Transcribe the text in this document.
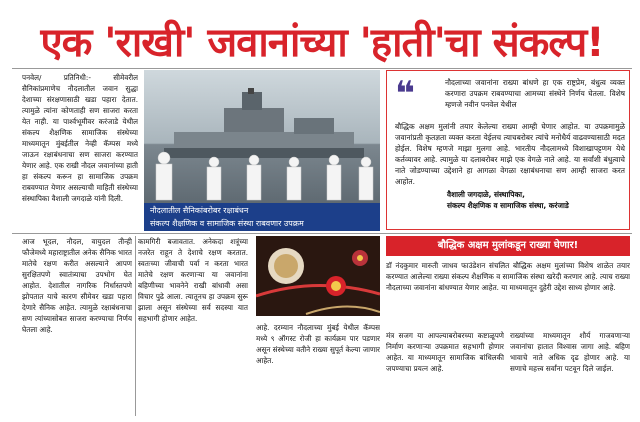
एक 'राखी' जवानांच्या 'हाती'चा संकल्प!
पनवेल/ प्रतिनिधी:- सीमेवरील सैनिकांप्रमाणेच नौदलातील जवान सुद्धा देशाच्या संरक्षणासाठी खडा पहारा देतात. त्यामुळे त्यांना कोणताही सण साजरा करता येत नाही. या पार्श्वभूमीवर करंजाडे येथील संकल्प शैक्षणिक सामाजिक संस्थेच्या माध्यमातून मुंबईतील नेव्ही कॅम्पस मध्ये जाऊन रक्षाबंधनाचा सण साजरा करण्यात येणार आहे. एक राखी नौदल जवानांच्या हाती हा संकल्प करून हा सामाजिक उपक्रम राबवण्यात येणार असल्याची माहिती संस्थेच्या संस्थापिका वैशाली जगदाळे यांनी दिली.
नौदलातील सैनिकांबरोबर रक्षाबंधन
संकल्प शैक्षणिक व सामाजिक संस्था राबवणार उपक्रम
❝	नौदलाच्या जवानांना राख्या बांधणे हा एक राष्ट्रप्रेम, बंधुत्व व्यक्त करणारा उपक्रम राबवण्याचा आमच्या संस्थेने निर्णय घेतला. विशेष म्हणजे नवीन पनवेल येथील
बौद्धिक अक्षम मुलांनी तयार केलेल्या राख्या आम्ही घेणार आहोत. या उपक्रमामुळे जवानांप्रती कृतज्ञता व्यक्त करता येईलच त्याचबरोबर त्यांचे मनोधैर्य वाढवण्यासाठी मदत होईल. विशेष म्हणजे माझा मुलगा आहे. भारतीय नौदलामध्ये विशाखापट्टणम येथे कर्तव्यावर आहे. त्यामुळे या दलाबरोबर माझे एक वेगळे नाते आहे. या सर्वांशी बंधुत्वाचे नाते जोडण्याच्या उद्देशाने हा आगळा वेगळा रक्षाबंधनाचा सण आम्ही साजरा करत आहोत.
वैशाली जगदाळे, संस्थापिका,
संकल्प शैक्षणिक व सामाजिक संस्था, करंजाडे
आज भूदल, नौदल, वायुदल तीन्ही फौजेमध्ये महाराष्ट्रातील अनेक सैनिक भारत मातेचे रक्षण करीत असल्याने आपण सुरक्षितपणे स्वातंत्र्याचा उपभोग घेत आहोत. देशातील नागरिक निर्धास्तपणे झोपतात याचे कारण सीमेवर खडा पहारा देणारे सैनिक आहेत. त्यामुळे रक्षाबंधनाचा सण त्यांच्यासोबत साजरा करण्याचा निर्णय घेतला आहे.
कामगिरी बजावतात. अनेकदा शत्रूंच्या नजरेत राहून ते देशाचे रक्षण करतात. स्वतःच्या जीवाची पर्वा न करता भारत मातेचे रक्षण करणाऱ्या या जवानांना बहिणीच्या भावनेने राखी बांधावी असा विचार पुढे आला. त्यातूनच हा उपक्रम सुरू झाला असून संस्थेच्या सर्व सदस्या यात सहभागी होणार आहेत.
आहे. दरम्यान नौदलाच्या मुंबई येथील कॅम्पस मध्ये ९ ऑगस्ट रोजी हा कार्यक्रम पार पडणार असून संस्थेच्या वतीने राख्या सुपूर्त केल्या जाणार आहेत.
बौद्धिक अक्षम मुलांकडून राख्या घेणार!
डॉ नंदकुमार मारुती जाधव फाउंडेशन संचलित बौद्धिक अक्षम मुलांच्या विशेष शाळेत तयार करण्यात आलेल्या राख्या संकल्प शैक्षणिक व सामाजिक संस्था खरेदी करणार आहे. त्याच राख्या नौदलाच्या जवानांना बांधण्यात येणार आहेत. या माध्यमातून दुहेरी उद्देश साध्य होणार आहे.
मंत्र सजग या आपल्याबरोबरच्या कष्टाळूपणे निर्माण करणाऱ्या उपक्रमात सहभागी होणार आहेत. या माध्यमातून सामाजिक बांधिलकी जपण्याचा प्रयत्न आहे.
राख्यांच्या माध्यमातून शौर्य गाजवणाऱ्या जवानांचा हातात विश्वास जागा आहे. बहिण भावाचे नाते अधिक दृढ होणार आहे. या सणाचे महत्त्व सर्वांना पटवून दिले जाईल.
